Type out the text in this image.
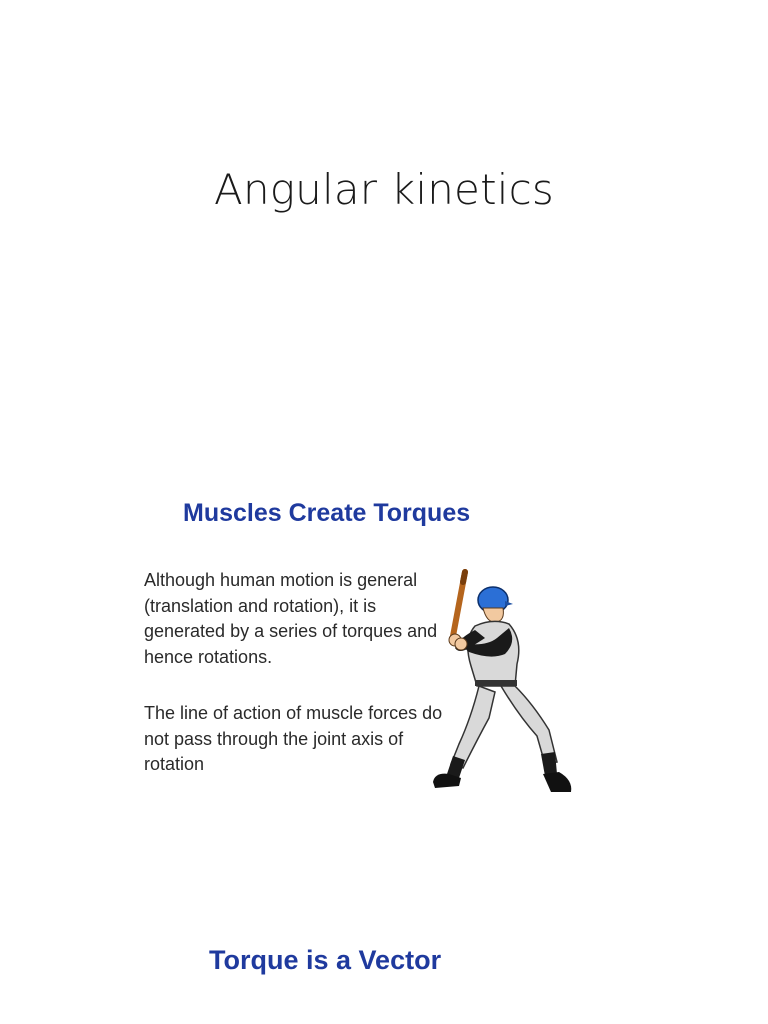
Angular kinetics
Muscles Create Torques

Although human motion is general (translation and rotation), it is generated by a series of torques and hence rotations.

The line of action of muscle forces do not pass through the joint axis of rotation

Torque is a Vector
